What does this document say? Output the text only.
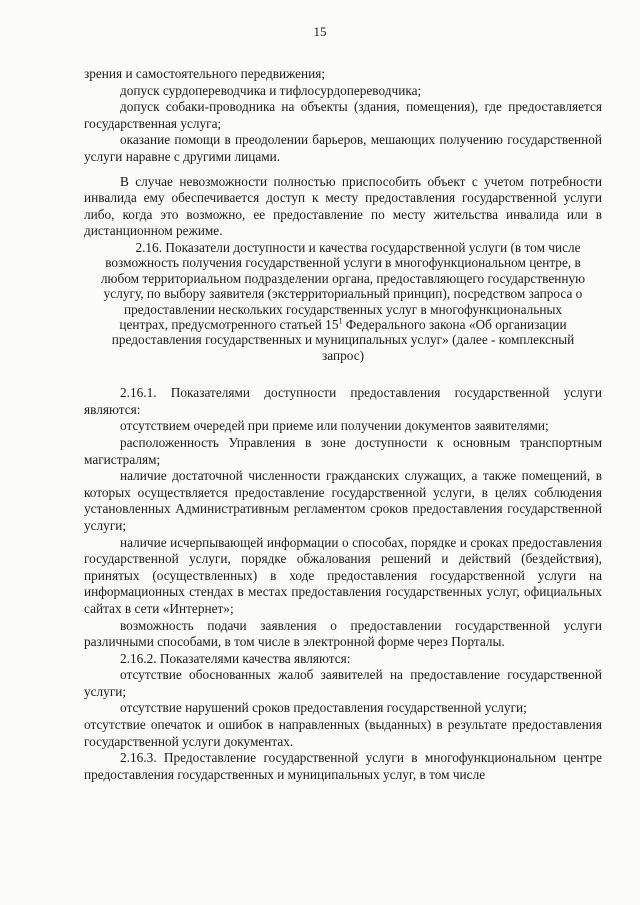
15

зрения и самостоятельного передвижения;

допуск сурдопереводчика и тифлосурдопереводчика;

допуск собаки-проводника на объекты (здания, помещения), где предоставляется государственная услуга;

оказание помощи в преодолении барьеров, мешающих получению государственной услуги наравне с другими лицами.

В случае невозможности полностью приспособить объект с учетом потребности инвалида ему обеспечивается доступ к месту предоставления государственной услуги либо, когда это возможно, ее предоставление по месту жительства инвалида или в дистанционном режиме.

2.16. Показатели доступности и качества государственной услуги (в том числе возможность получения государственной услуги в многофункциональном центре, в любом территориальном подразделении органа, предоставляющего государственную услугу, по выбору заявителя (экстерриториальный принцип), посредством запроса о предоставлении нескольких государственных услуг в многофункциональных центрах, предусмотренного статьей $15^1$ Федерального закона «Об организации предоставления государственных и муниципальных услуг» (далее - комплексный запрос)

2.16.1. Показателями доступности предоставления государственной услуги являются:

отсутствием очередей при приеме или получении документов заявителями;

расположенность Управления в зоне доступности к основным транспортным магистралям;

наличие достаточной численности гражданских служащих, а также помещений, в которых осуществляется предоставление государственной услуги, в целях соблюдения установленных Административным регламентом сроков предоставления государственной услуги;

наличие исчерпывающей информации о способах, порядке и сроках предоставления государственной услуги, порядке обжалования решений и действий (бездействия), принятых (осуществленных) в ходе предоставления государственной услуги на информационных стендах в местах предоставления государственных услуг, официальных сайтах в сети «Интернет»;

возможность подачи заявления о предоставлении государственной услуги различными способами, в том числе в электронной форме через Порталы.

2.16.2. Показателями качества являются:

отсутствие обоснованных жалоб заявителей на предоставление государственной услуги;

отсутствие нарушений сроков предоставления государственной услуги;

отсутствие опечаток и ошибок в направленных (выданных) в результате предоставления государственной услуги документах.

2.16.3. Предоставление государственной услуги в многофункциональном центре предоставления государственных и муниципальных услуг, в том числе
